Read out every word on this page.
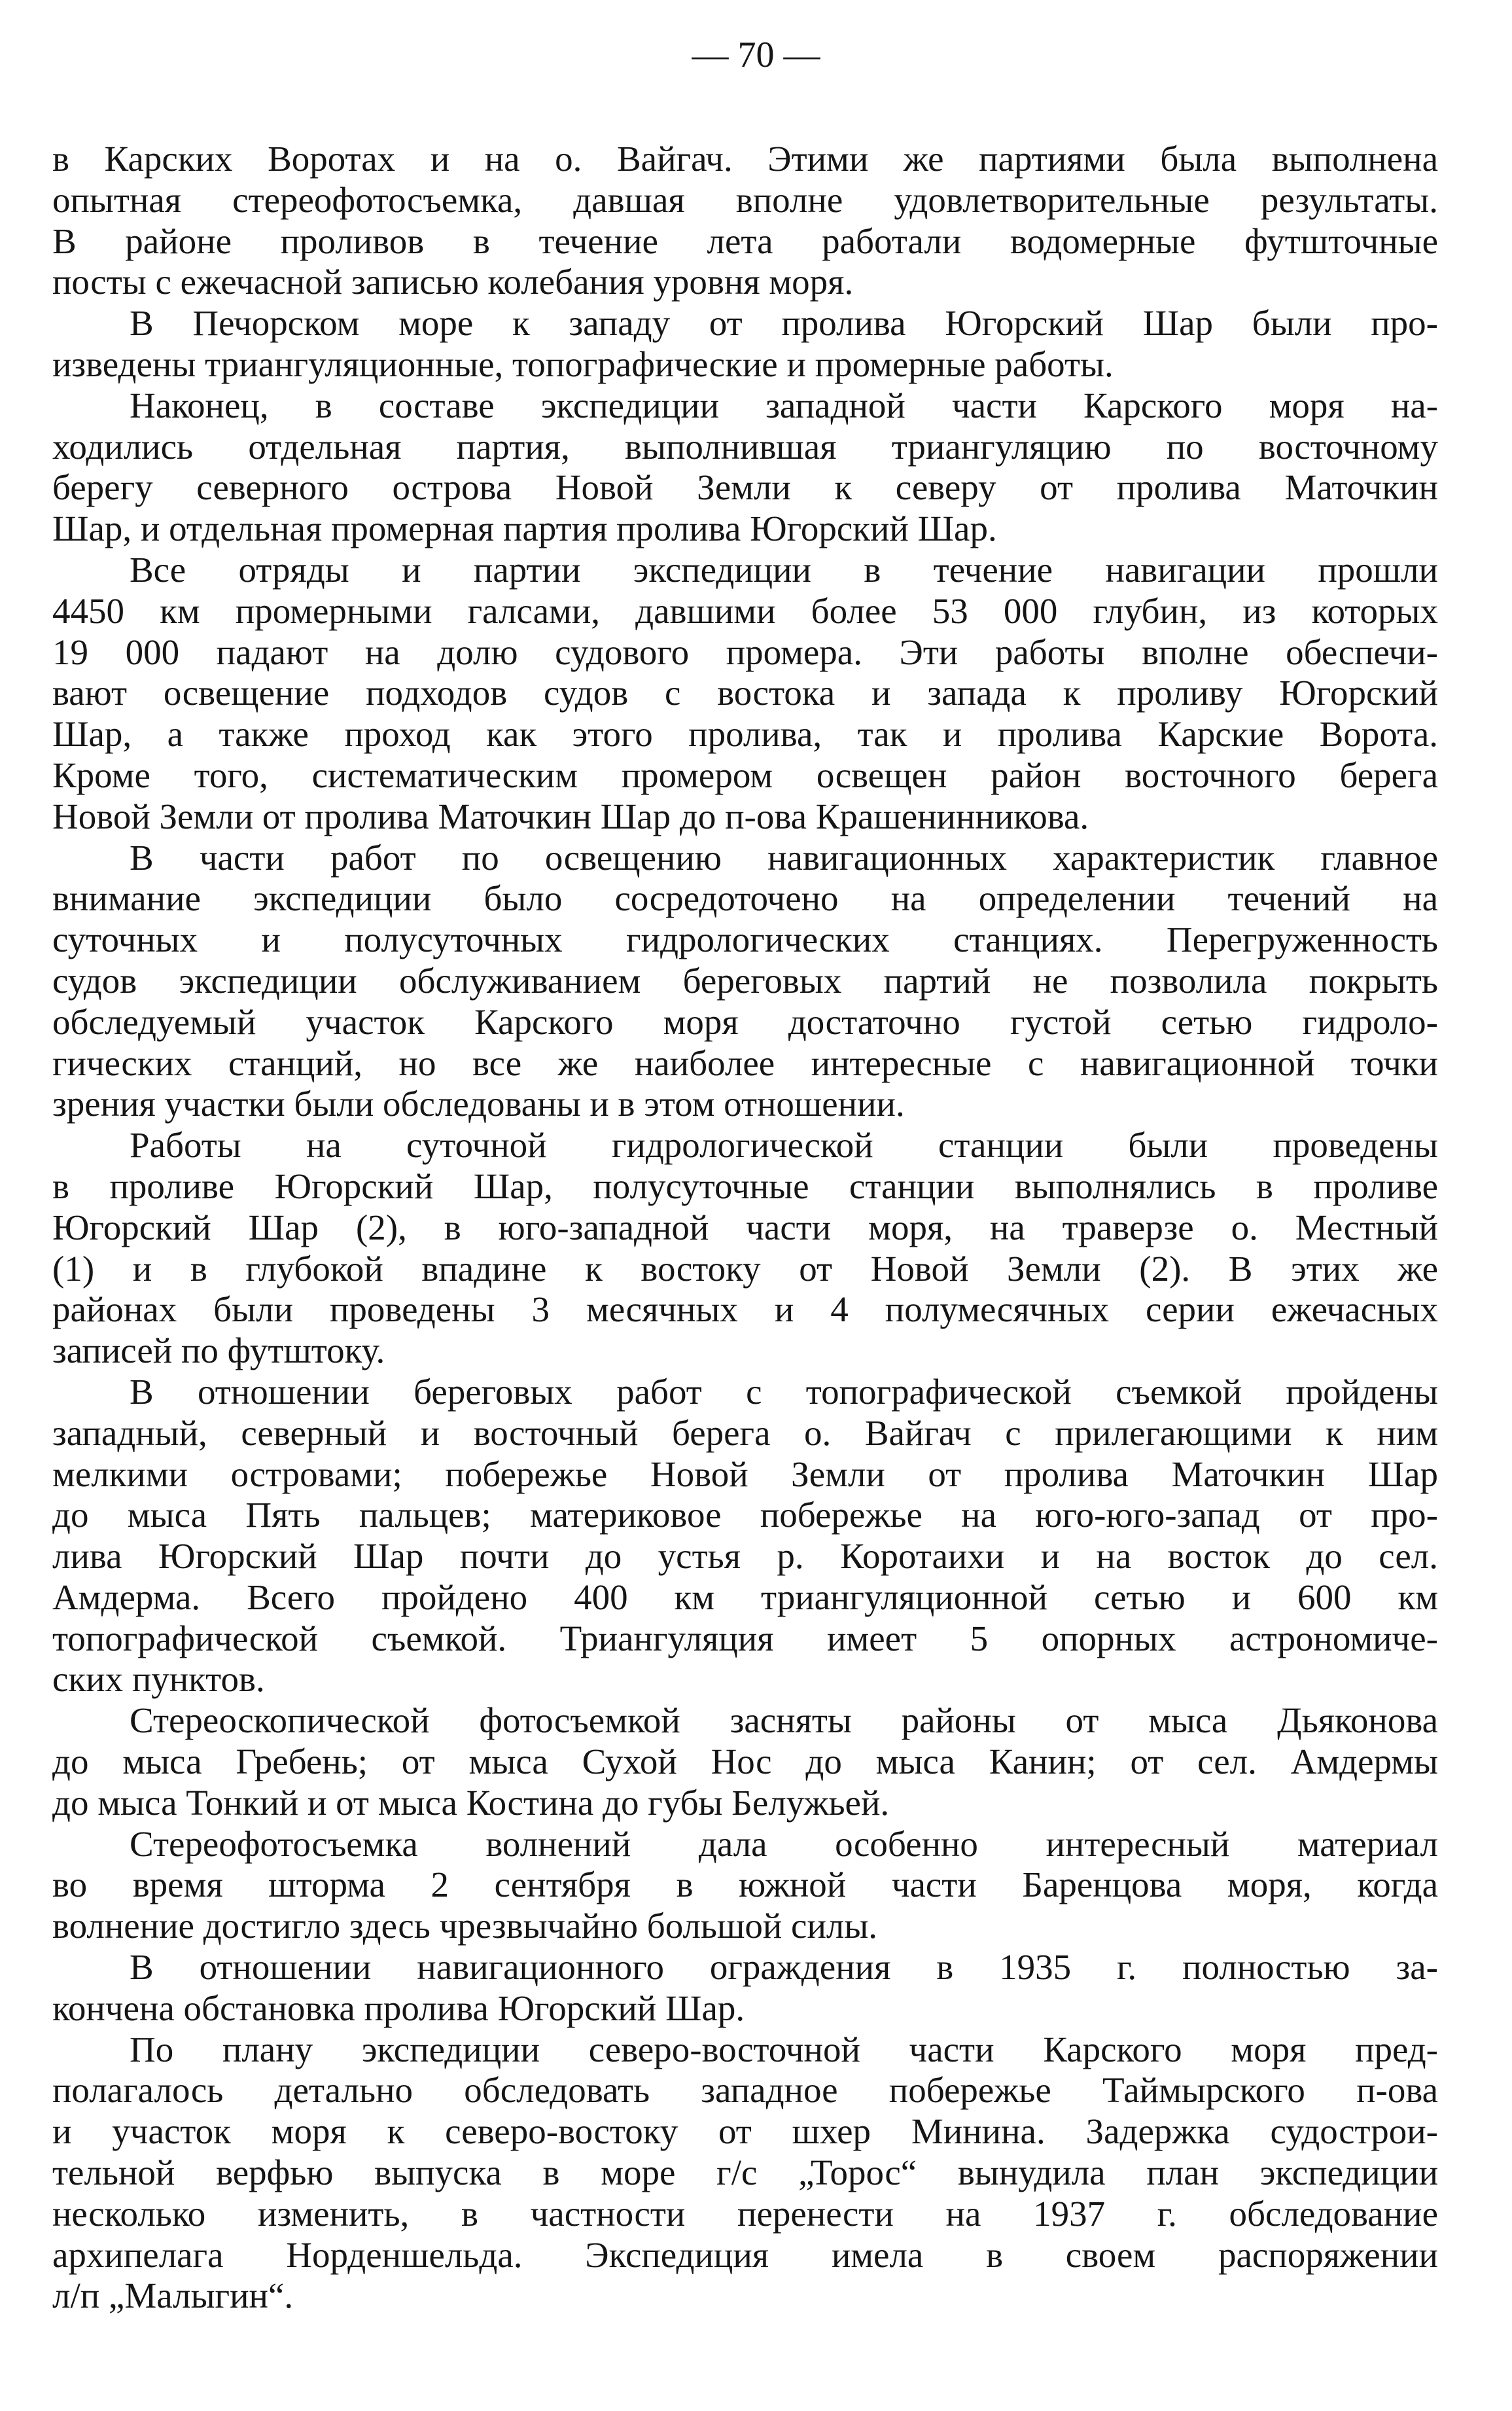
— 70 —
в Карских Воротах и на о. Вайгач. Этими же партиями была выполнена
опытная стереофотосъемка, давшая вполне удовлетворительные результаты.
В районе проливов в течение лета работали водомерные футшточные
посты с ежечасной записью колебания уровня моря.
В Печорском море к западу от пролива Югорский Шар были про-
изведены триангуляционные, топографические и промерные работы.
Наконец, в составе экспедиции западной части Карского моря на-
ходились отдельная партия, выполнившая триангуляцию по восточному
берегу северного острова Новой Земли к северу от пролива Маточкин
Шар, и отдельная промерная партия пролива Югорский Шар.
Все отряды и партии экспедиции в течение навигации прошли
4450 км промерными галсами, давшими более 53 000 глубин, из которых
19 000 падают на долю судового промера. Эти работы вполне обеспечи-
вают освещение подходов судов с востока и запада к проливу Югорский
Шар, а также проход как этого пролива, так и пролива Карские Ворота.
Кроме того, систематическим промером освещен район восточного берега
Новой Земли от пролива Маточкин Шар до п-ова Крашенинникова.
В части работ по освещению навигационных характеристик главное
внимание экспедиции было сосредоточено на определении течений на
суточных и полусуточных гидрологических станциях. Перегруженность
судов экспедиции обслуживанием береговых партий не позволила покрыть
обследуемый участок Карского моря достаточно густой сетью гидроло-
гических станций, но все же наиболее интересные с навигационной точки
зрения участки были обследованы и в этом отношении.
Работы на суточной гидрологической станции были проведены
в проливе Югорский Шар, полусуточные станции выполнялись в проливе
Югорский Шар (2), в юго-западной части моря, на траверзе о. Местный
(1) и в глубокой впадине к востоку от Новой Земли (2). В этих же
районах были проведены 3 месячных и 4 полумесячных серии ежечасных
записей по футштоку.
В отношении береговых работ с топографической съемкой пройдены
западный, северный и восточный берега о. Вайгач с прилегающими к ним
мелкими островами; побережье Новой Земли от пролива Маточкин Шар
до мыса Пять пальцев; материковое побережье на юго-юго-запад от про-
лива Югорский Шар почти до устья р. Коротаихи и на восток до сел.
Амдерма. Всего пройдено 400 км триангуляционной сетью и 600 км
топографической съемкой. Триангуляция имеет 5 опорных астрономиче-
ских пунктов.
Стереоскопической фотосъемкой засняты районы от мыса Дьяконова
до мыса Гребень; от мыса Сухой Нос до мыса Канин; от сел. Амдермы
до мыса Тонкий и от мыса Костина до губы Белужьей.
Стереофотосъемка волнений дала особенно интересный материал
во время шторма 2 сентября в южной части Баренцова моря, когда
волнение достигло здесь чрезвычайно большой силы.
В отношении навигационного ограждения в 1935 г. полностью за-
кончена обстановка пролива Югорский Шар.
По плану экспедиции северо-восточной части Карского моря пред-
полагалось детально обследовать западное побережье Таймырского п-ова
и участок моря к северо-востоку от шхер Минина. Задержка судострои-
тельной верфью выпуска в море г/с „Торос“ вынудила план экспедиции
несколько изменить, в частности перенести на 1937 г. обследование
архипелага Норденшельда. Экспедиция имела в своем распоряжении
л/п „Малыгин“.
